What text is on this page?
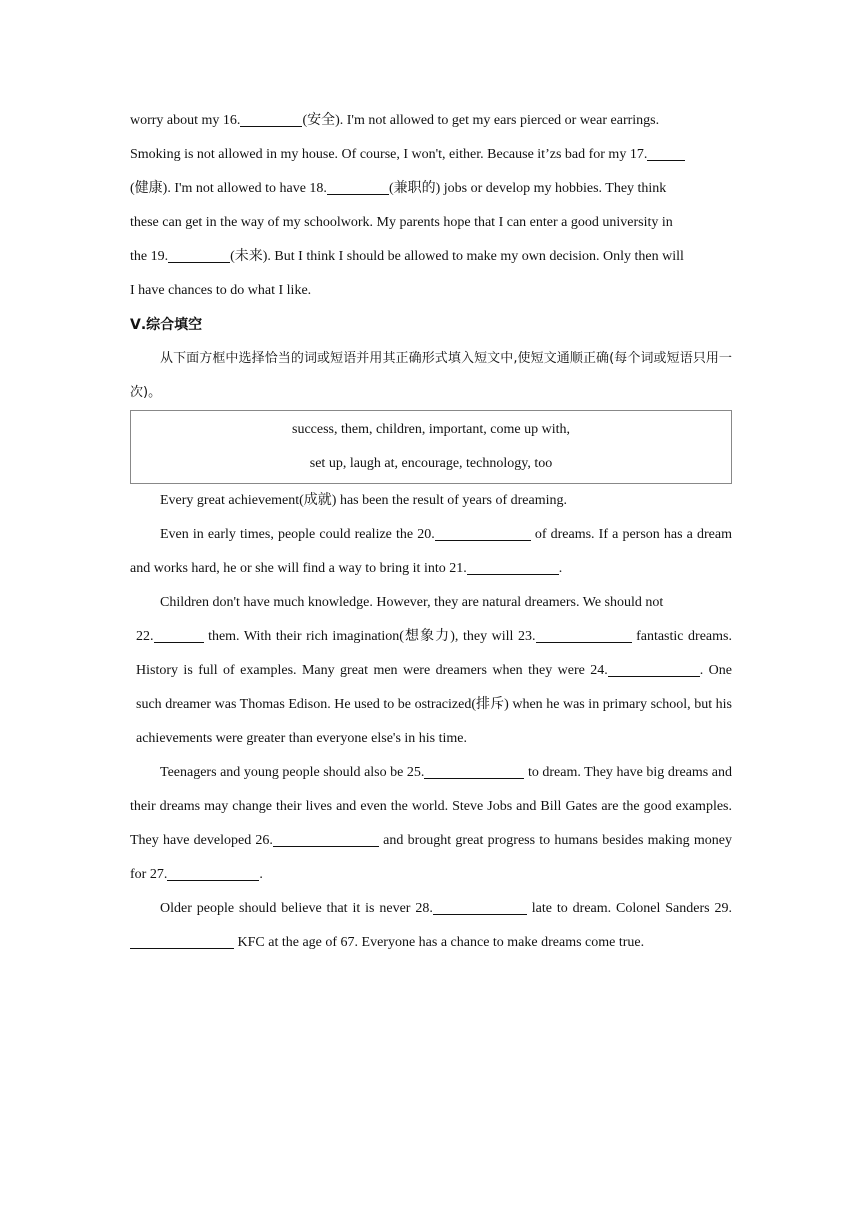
worry about my 16.	(安全). I'm not allowed to get my ears pierced or wear earrings.

Smoking is not allowed in my house. Of course, I won't, either. Because it’zs bad for my 17.

(健康). I'm not allowed to have 18.	(兼职的) jobs or develop my hobbies. They think

these can get in the way of my schoolwork. My parents hope that I can enter a good university in

the 19.	(未来). But I think I should be allowed to make my own decision. Only then will

I have chances to do what I like.

Ⅴ.综合填空

从下面方框中选择恰当的词或短语并用其正确形式填入短文中,使短文通顺正确(每个词或短语只用一次)。

success, them, children, important, come up with,

set up, laugh at, encourage, technology, too

Every great achievement(成就) has been the result of years of dreaming.

Even in early times, people could realize the 20.	of dreams. If a person has a dream and works hard, he or she will find a way to bring it into 21.	.

Children don't have much knowledge. However, they are natural dreamers. We should not

22.	them. With their rich imagination(想象力), they will 23.	fantastic dreams. History is full of examples. Many great men were dreamers when they were 24.	. One such dreamer was Thomas Edison. He used to be ostracized(排斥) when he was in primary school, but his achievements were greater than everyone else's in his time.

Teenagers and young people should also be 25.	to dream. They have big dreams and their dreams may change their lives and even the world. Steve Jobs and Bill Gates are the good examples. They have developed 26.	and brought great progress to humans besides making money for 27.	.

Older people should believe that it is never 28.	late to dream. Colonel Sanders 29. KFC at the age of 67. Everyone has a chance to make dreams come true.
